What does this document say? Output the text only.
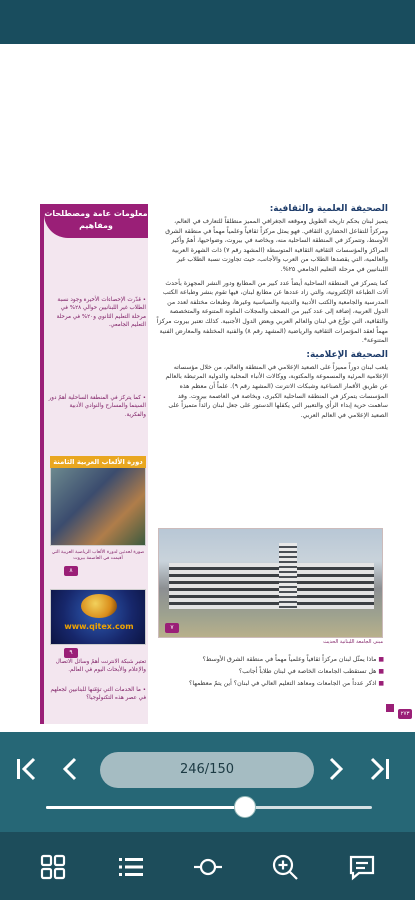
الصحيفة العلمية والثقافية:

يتميز لبنان بحكم تاريخه الطويل وموقعه الجغرافي المميز منطلقاً للتعارف في العالم، ومركزاً للتفاعل الحضاري الثقافي. فهو يمثل مركزاً ثقافياً وعلمياً مهماً في منطقة الشرق الأوسط، وتتمركز في المنطقة الساحلية منه، وبخاصة في بيروت، وضواحيها، أهمّ وأكبر المراكز والمؤسسات الثقافية الثقافية المتوسطة (المشهد رقم ٧) ذات الشهرة العربية والعالمية، التي يقصدها الطلاب من العرب والأجانب، حيث تجاوزت نسبة الطلاب غير اللبنانيين في مرحلة التعليم الجامعي ٢٥%.

كما يتمركز في المنطقة الساحلية أيضاً عدد كبير من المطابع ودور النشر المجهزة بأحدث آلات الطباعة الإلكترونية، والتي زاد عددها عن مطابع لبنان، فيها تقوم بنشر وطباعة الكتب المدرسية والجامعية والكتب الأدبية والدينية والسياسية وغيرها، وطبعات مختلفة لعدد من الدول العربية، إضافة إلى عدد كبير من الصحف والمجلات الملونة المتنوعة والمتخصصة والثقافية، التي توزَّع في لبنان والعالم العربي وبعض الدول الأجنبية. كذلك تعتبر بيروت مركزاً مهماً لعقد المؤتمرات الثقافية والرياضية (المشهد رقم ٨) والفنية المختلفة والمعارض الفنية المتنوعة*.

الصحيفة الإعلامية:

يلعب لبنان دوراً مميزاً على الصعيد الإعلامي في المنطقة والعالم، من خلال مؤسساته الإعلامية المرئية والمسموعة والمكتوبة، ووكالات الأنباء المحلية والدولية المرتبطة بالعالم عن طريق الأقمار الصناعية وشبكات الانترنت (المشهد رقم ٩). علماً أن معظم هذه المؤسسات يتمركز في المنطقة الساحلية الكبرى، وبخاصة في العاصمة بيروت. وقد ساهمت حرية إبداء الرأي والتعبير التي يكفلها الدستور على جعل لبنان رائداً متميزاً على الصعيد الإعلامي في العالم العربي.

معلومات عامة ومصطلحات ومفاهيم

• قدّرت الإحصاءات الأخيرة وجود نسبة الطلاب غير اللبنانيين حوالي ٢٨% في مرحلة التعليم الثانوي و٢٠% في مرحلة التعليم الجامعي.

• كما يتركز في المنطقة الساحلية أهمّ دور السينما والمسارح والنوادي الأدبية والفكرية.

دورة الألعاب العربية الثامنة

صورة لحدثين لدورة الألعاب الرياضية العربية التي أقيمت في العاصمة بيروت

٨
www.qitex.com
٩

تعتبر شبكة الانترنت أهمّ وسائل الاتصال والإعلام والأبحاث اليوم في العالم.

• ما الخدمات التي تؤمّنها للبنانيين لجعلهم في عصر هذه التكنولوجيا؟

٧

مبنى الجامعة اللبنانية الحديث

■ ماذا يمثّل لبنان مركزاً ثقافياً وعلمياً مهماً في منطقة الشرق الأوسط؟
■ هل تستقطب الجامعات الخاصة في لبنان طلاباً أجانب؟
■ اذكر عدداً من الجامعات ومعاهد التعليم العالي في لبنان؟ أين يتمّ معظمها؟
٢٧٣
246/150
